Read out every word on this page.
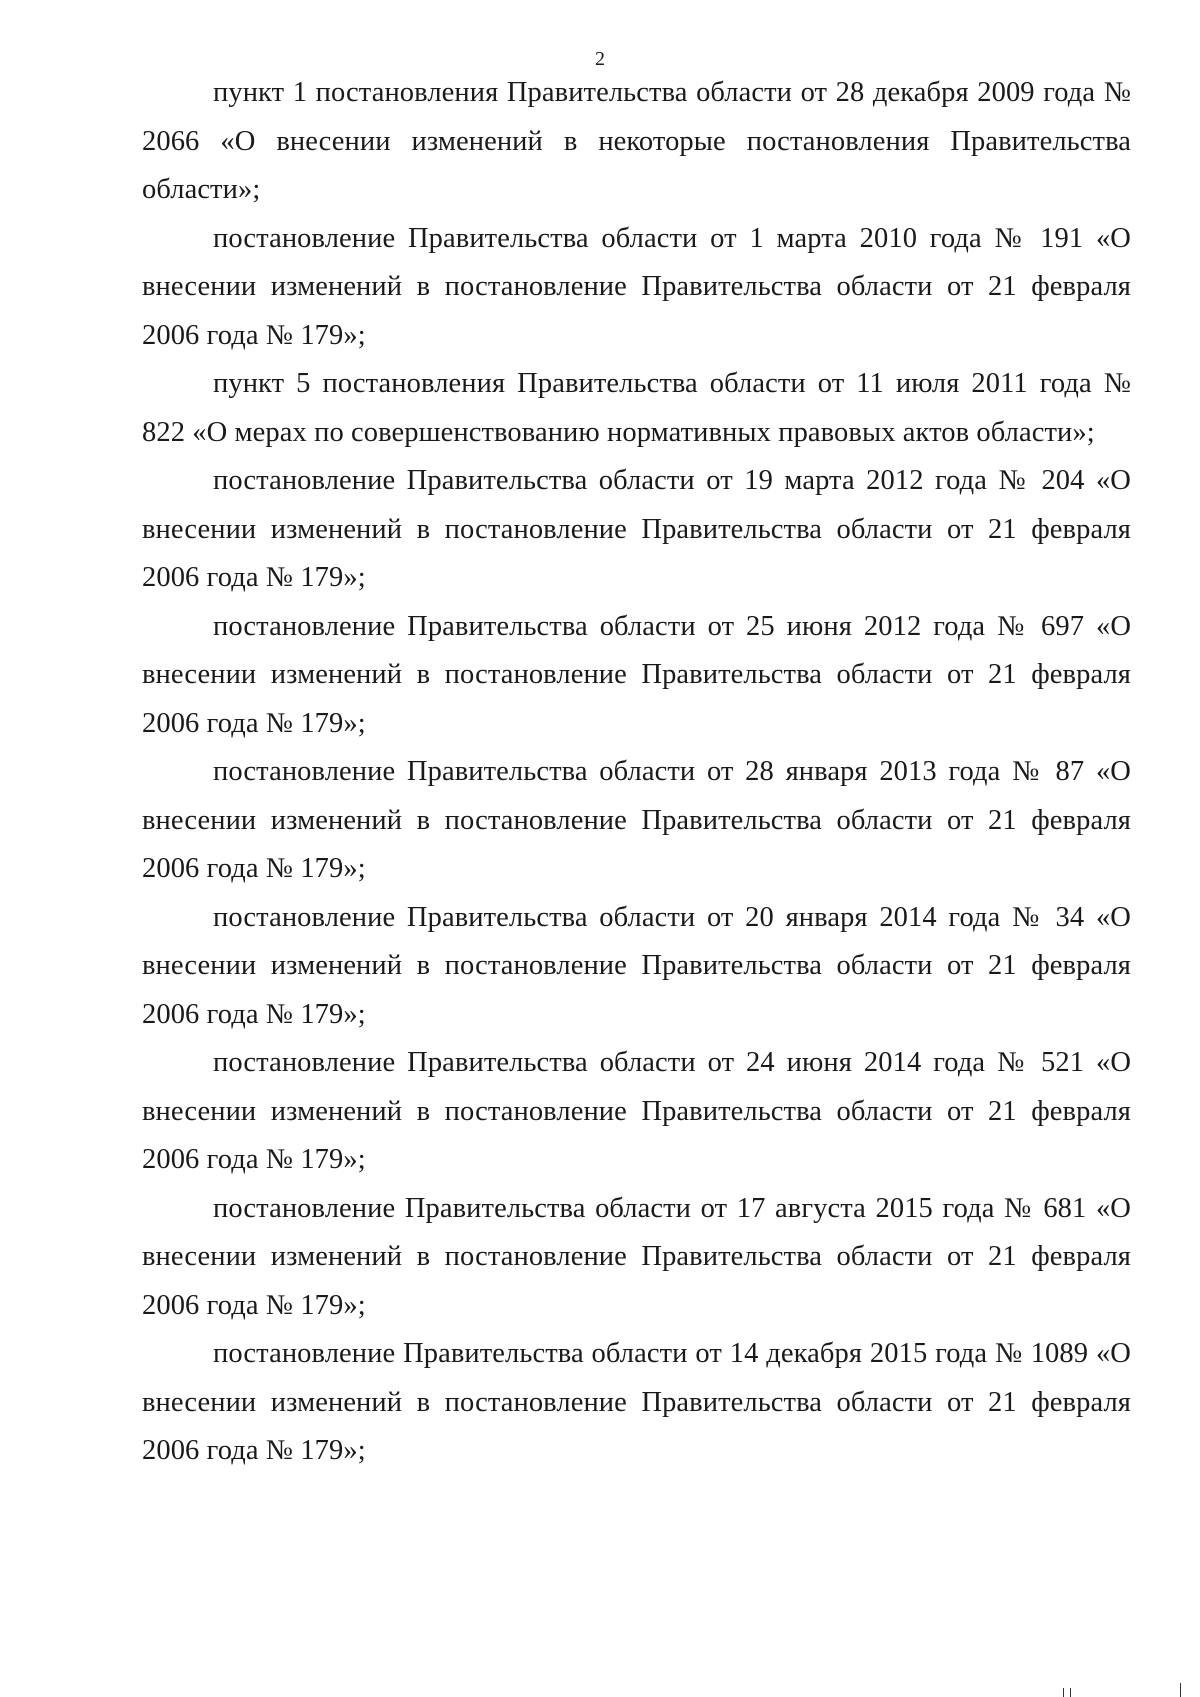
2

пункт 1 постановления Правительства области от 28 декабря 2009 года № 2066 «О внесении изменений в некоторые постановления Правительства области»;

постановление Правительства области от 1 марта 2010 года № 191 «О внесении изменений в постановление Правительства области от 21 февраля 2006 года № 179»;

пункт 5 постановления Правительства области от 11 июля 2011 года № 822 «О мерах по совершенствованию нормативных правовых актов области»;

постановление Правительства области от 19 марта 2012 года № 204 «О внесении изменений в постановление Правительства области от 21 февраля 2006 года № 179»;

постановление Правительства области от 25 июня 2012 года № 697 «О внесении изменений в постановление Правительства области от 21 февраля 2006 года № 179»;

постановление Правительства области от 28 января 2013 года № 87 «О внесении изменений в постановление Правительства области от 21 февраля 2006 года № 179»;

постановление Правительства области от 20 января 2014 года № 34 «О внесении изменений в постановление Правительства области от 21 февраля 2006 года № 179»;

постановление Правительства области от 24 июня 2014 года № 521 «О внесении изменений в постановление Правительства области от 21 февраля 2006 года № 179»;

постановление Правительства области от 17 августа 2015 года № 681 «О внесении изменений в постановление Правительства области от 21 февраля 2006 года № 179»;

постановление Правительства области от 14 декабря 2015 года № 1089 «О внесении изменений в постановление Правительства области от 21 февраля 2006 года № 179»;
